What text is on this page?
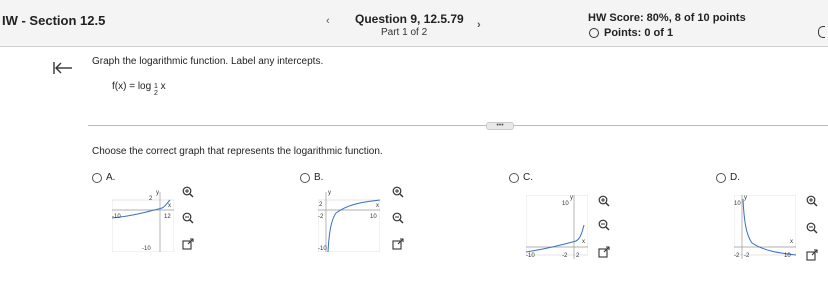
IW - Section 12.5	‹ Question 9, 12.5.79
Part 1 of 2
›
HW Score: 80%, 8 of 10 points
Points: 0 of 1
Graph the logarithmic function. Label any intercepts.
f(x) = log 1
2 x
•••
Choose the correct graph that represents the logarithmic function.
A.
2
-10	12
-10
y
x
B.
2
-2	10
-10
y
x
C.
10
-10	2
-2
y
x
D.
10
-2	10
-2
y
x
